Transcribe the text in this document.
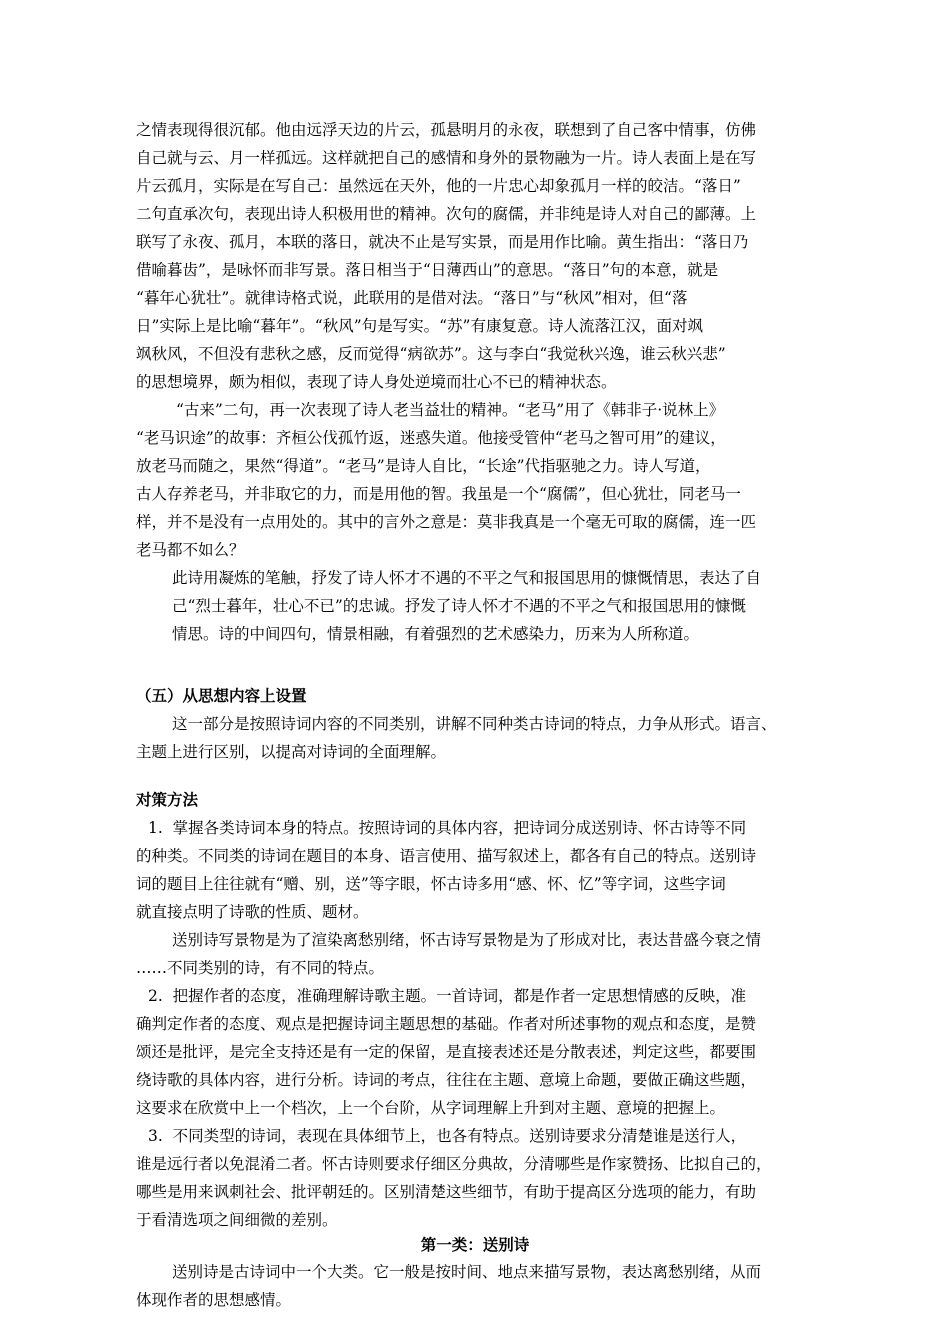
之情表现得很沉郁。他由远浮天边的片云，孤悬明月的永夜，联想到了自己客中情事，仿佛

自己就与云、月一样孤远。这样就把自己的感情和身外的景物融为一片。诗人表面上是在写

片云孤月，实际是在写自己：虽然远在天外，他的一片忠心却象孤月一样的皎洁。“落日”

二句直承次句，表现出诗人积极用世的精神。次句的腐儒，并非纯是诗人对自己的鄙薄。上

联写了永夜、孤月，本联的落日，就决不止是写实景，而是用作比喻。黄生指出：“落日乃

借喻暮齿”，是咏怀而非写景。落日相当于“日薄西山”的意思。“落日”句的本意，就是

“暮年心犹壮”。就律诗格式说，此联用的是借对法。“落日”与“秋风”相对，但“落

日”实际上是比喻“暮年”。“秋风”句是写实。“苏”有康复意。诗人流落江汉，面对飒

飒秋风，不但没有悲秋之感，反而觉得“病欲苏”。这与李白“我觉秋兴逸，谁云秋兴悲”

的思想境界，颇为相似，表现了诗人身处逆境而壮心不已的精神状态。

“古来”二句，再一次表现了诗人老当益壮的精神。“老马”用了《韩非子·说林上》

“老马识途”的故事：齐桓公伐孤竹返，迷惑失道。他接受管仲“老马之智可用”的建议，

放老马而随之，果然“得道”。“老马”是诗人自比，“长途”代指驱驰之力。诗人写道，

古人存养老马，并非取它的力，而是用他的智。我虽是一个“腐儒”，但心犹壮，同老马一

样，并不是没有一点用处的。其中的言外之意是：莫非我真是一个毫无可取的腐儒，连一匹

老马都不如么？

此诗用凝炼的笔触，抒发了诗人怀才不遇的不平之气和报国思用的慷慨情思，表达了自

己“烈士暮年，壮心不已”的忠诚。抒发了诗人怀才不遇的不平之气和报国思用的慷慨

情思。诗的中间四句，情景相融，有着强烈的艺术感染力，历来为人所称道。

（五）从思想内容上设置

这一部分是按照诗词内容的不同类别，讲解不同种类古诗词的特点，力争从形式。语言、

主题上进行区别，以提高对诗词的全面理解。

对策方法

1.  掌握各类诗词本身的特点。按照诗词的具体内容，把诗词分成送别诗、怀古诗等不同

的种类。不同类的诗词在题目的本身、语言使用、描写叙述上，都各有自己的特点。送别诗

词的题目上往往就有“赠、别，送”等字眼，怀古诗多用“感、怀、忆”等字词，这些字词

就直接点明了诗歌的性质、题材。

送别诗写景物是为了渲染离愁别绪，怀古诗写景物是为了形成对比，表达昔盛今衰之情

……不同类别的诗，有不同的特点。

2.  把握作者的态度，准确理解诗歌主题。一首诗词，都是作者一定思想情感的反映，准

确判定作者的态度、观点是把握诗词主题思想的基础。作者对所述事物的观点和态度，是赞

颂还是批评，是完全支持还是有一定的保留，是直接表述还是分散表述，判定这些，都要围

绕诗歌的具体内容，进行分析。诗词的考点，往往在主题、意境上命题，要做正确这些题，

这要求在欣赏中上一个档次，上一个台阶，从字词理解上升到对主题、意境的把握上。

3.  不同类型的诗词，表现在具体细节上，也各有特点。送别诗要求分清楚谁是送行人，

谁是远行者以免混淆二者。怀古诗则要求仔细区分典故，分清哪些是作家赞扬、比拟自己的，

哪些是用来讽刺社会、批评朝廷的。区别清楚这些细节，有助于提高区分选项的能力，有助

于看清选项之间细微的差别。

第一类：送别诗

送别诗是古诗词中一个大类。它一般是按时间、地点来描写景物，表达离愁别绪，从而

体现作者的思想感情。
